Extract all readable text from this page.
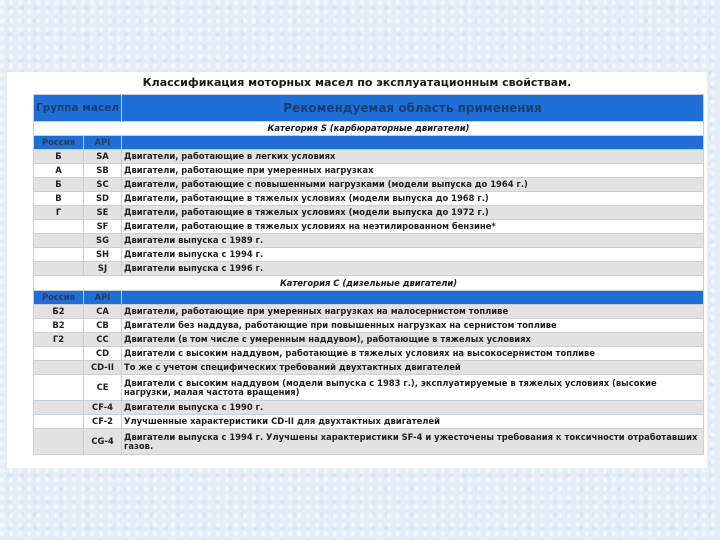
Классификация моторных масел по эксплуатационным свойствам.
Группа масел		Рекомендуемая область применения
Категория S (карбюраторные двигатели)		
Россия	API	
Б	SA	Двигатели, работающие в легких условиях
А	SB	Двигатели, работающие при умеренных нагрузках
Б	SC	Двигатели, работающие с повышенными нагрузками (модели выпуска до 1964 г.)
В	SD	Двигатели, работающие в тяжелых условиях (модели выпуска до 1968 г.)
Г	SE	Двигатели, работающие в тяжелых условиях (модели выпуска до 1972 г.)
	SF	Двигатели, работающие в тяжелых условиях на неэтилированном бензине*
	SG	Двигатели выпуска с 1989 г.
	SH	Двигатели выпуска с 1994 г.
	SJ	Двигатели выпуска с 1996 г.
Категория C (дизельные двигатели)		
Россия	API	
Б2	CA	Двигатели, работающие при умеренных нагрузках на малосернистом топливе
В2	CB	Двигатели без наддува, работающие при повышенных нагрузках на сернистом топливе
Г2	CC	Двигатели (в том числе с умеренным наддувом), работающие в тяжелых условиях
	CD	Двигатели с высоким наддувом, работающие в тяжелых условиях на высокосернистом топливе
	CD-II	То же с учетом специфических требований двухтактных двигателей
	CE	Двигатели с высоким наддувом (модели выпуска с 1983 г.), эксплуатируемые в тяжелых условиях (высокие нагрузки, малая частота вращения)
	CF-4	Двигатели выпуска с 1990 г.
	CF-2	Улучшенные характеристики CD-II для двухтактных двигателей
	CG-4	Двигатели выпуска с 1994 г. Улучшены характеристики SF-4 и ужесточены требования к токсичности отработавших газов.
